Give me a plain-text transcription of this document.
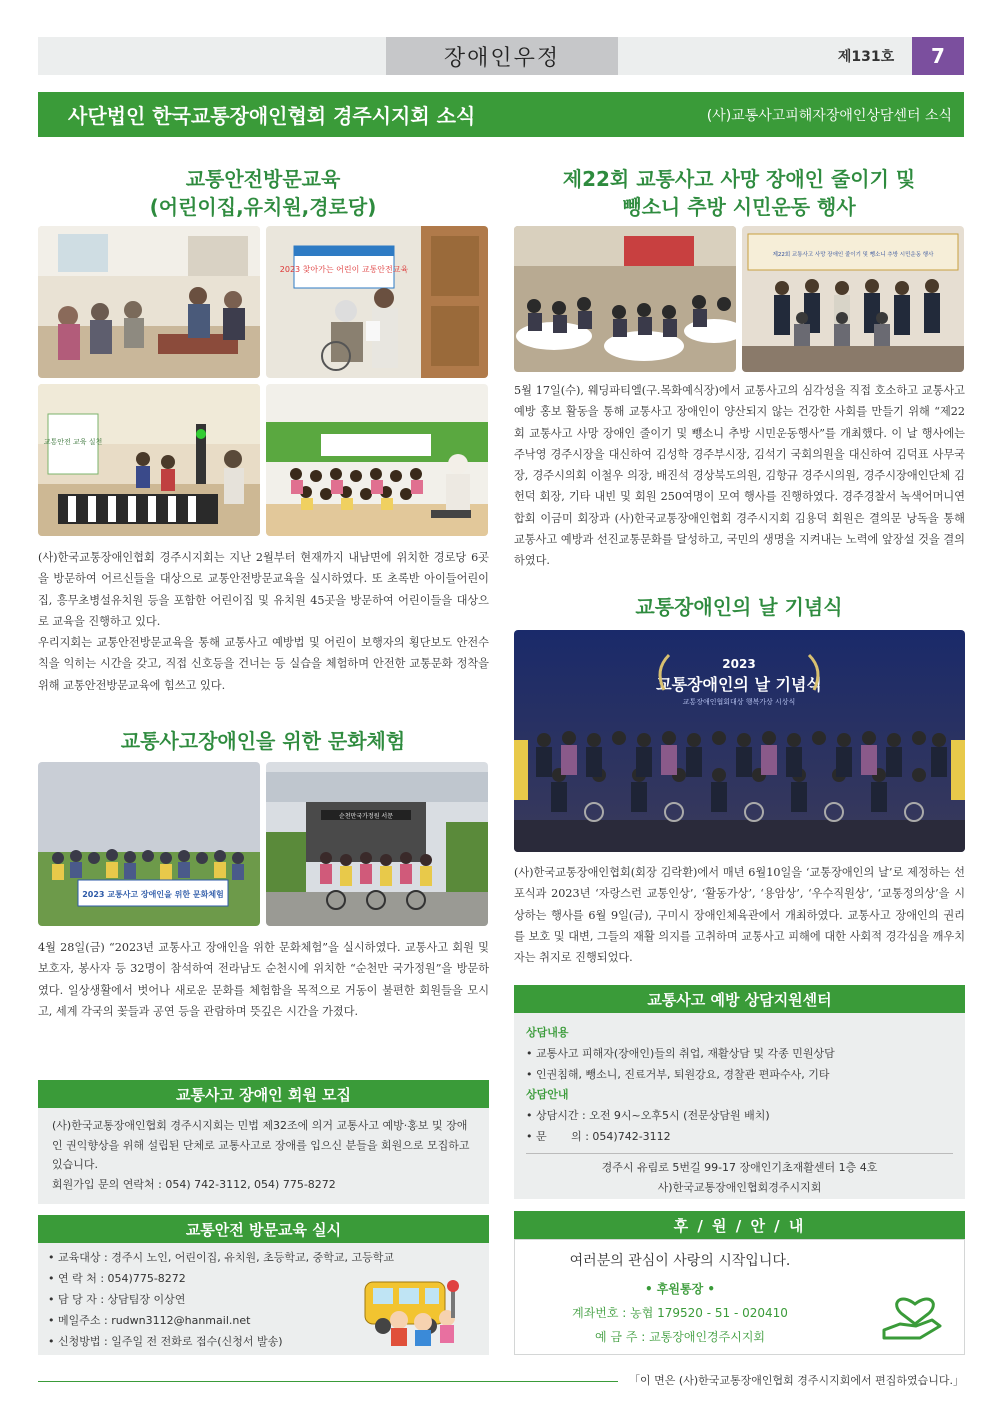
장애인우정	제131호	7
사단법인 한국교통장애인협회 경주시지회 소식	(사)교통사고피해자장애인상담센터 소식
교통안전방문교육
(어린이집,유치원,경로당)
2023 찾아가는 어린이 교통안전교육
교통안전 교육 실천

(사)한국교통장애인협회 경주시지회는 지난 2월부터 현재까지 내남면에 위치한 경로당 6곳을 방문하여 어르신들을 대상으로 교통안전방문교육을 실시하였다. 또 초록반 아이들어린이집, 흥무초병설유치원 등을 포함한 어린이집 및 유치원 45곳을 방문하여 어린이들을 대상으로 교육을 진행하고 있다.

우리지회는 교통안전방문교육을 통해 교통사고 예방법 및 어린이 보행자의 횡단보도 안전수칙을 익히는 시간을 갖고, 직접 신호등을 건너는 등 실습을 체험하며 안전한 교통문화 정착을 위해 교통안전방문교육에 힘쓰고 있다.

교통사고장애인을 위한 문화체험
2023 교통사고 장애인을 위한 문화체험
순천만국가정원 서문
4월 28일(금) “2023년 교통사고 장애인을 위한 문화체험”을 실시하였다. 교통사고 회원 및 보호자, 봉사자 등 32명이 참석하여 전라남도 순천시에 위치한 “순천만 국가정원”을 방문하였다. 일상생활에서 벗어나 새로운 문화를 체험함을 목적으로 거동이 불편한 회원들을 모시고, 세계 각국의 꽃들과 공연 등을 관람하며 뜻깊은 시간을 가졌다.
제22회 교통사고 사망 장애인 줄이기 및
뺑소니 추방 시민운동 행사
제22회 교통사고 사망 장애인 줄이기 및 뺑소니 추방 시민운동 행사
5월 17일(수), 웨딩파티엘(구.목화예식장)에서 교통사고의 심각성을 직접 호소하고 교통사고 예방 홍보 활동을 통해 교통사고 장애인이 양산되지 않는 건강한 사회를 만들기 위해 “제22회 교통사고 사망 장애인 줄이기 및 뺑소니 추방 시민운동행사”를 개최했다. 이 날 행사에는 주낙영 경주시장을 대신하여 김성학 경주부시장, 김석기 국회의원을 대신하여 김덕표 사무국장, 경주시의회 이철우 의장, 배진석 경상북도의원, 김항규 경주시의원, 경주시장애인단체 김헌덕 회장, 기타 내빈 및 회원 250여명이 모여 행사를 진행하였다. 경주경찰서 녹색어머니연합회 이금미 회장과 (사)한국교통장애인협회 경주시지회 김용덕 회원은 결의문 낭독을 통해 교통사고 예방과 선진교통문화를 달성하고, 국민의 생명을 지켜내는 노력에 앞장설 것을 결의하였다.
교통장애인의 날 기념식
2023
교통장애인의 날 기념식
교통장애인협회대상 행복가상 시상식
(사)한국교통장애인협회(회장 김락환)에서 매년 6월10일을 ‘교통장애인의 날’로 제정하는 선포식과 2023년 ‘자랑스런 교통인상’, ‘활동가상’, ‘용암상’, ‘우수직원상’, ‘교통정의상’을 시상하는 행사를 6월 9일(금), 구미시 장애인체육관에서 개최하였다. 교통사고 장애인의 권리를 보호 및 대변, 그들의 재활 의지를 고취하며 교통사고 피해에 대한 사회적 경각심을 깨우치자는 취지로 진행되었다.
교통사고 장애인 회원 모집

(사)한국교통장애인협회 경주시지회는 민법 제32조에 의거 교통사고 예방·홍보 및 장애인 권익향상을 위해 설립된 단체로 교통사고로 장애를 입으신 분들을 회원으로 모집하고 있습니다.

회원가입 문의 연락처 : 054) 742-3112, 054) 775-8272

교통안전 방문교육 실시

• 교육대상 : 경주시 노인, 어린이집, 유치원, 초등학교, 중학교, 고등학교

• 연 락 처 : 054)775-8272

• 담 당 자 : 상담팀장 이상연

• 메일주소 : rudwn3112@hanmail.net

• 신청방법 : 일주일 전 전화로 접수(신청서 발송)

교통사고 예방 상담지원센터

상담내용

• 교통사고 피해자(장애인)들의 취업, 재활상담 및 각종 민원상담

• 인권침해, 뺑소니, 진료거부, 퇴원강요, 경찰관 편파수사, 기타

상담안내

• 상담시간 : 오전 9시~오후5시 (전문상담원 배치)

• 문       의 : 054)742-3112

경주시 유림로 5번길 99-17 장애인기초재활센터 1층 4호

사)한국교통장애인협회경주시지회

후 / 원 / 안 / 내

여러분의 관심이 사랑의 시작입니다.

• 후원통장 •

계좌번호 : 농협 179520 - 51 - 020410

예 금 주 : 교통장애인경주시지회

「이 면은 (사)한국교통장애인협회 경주시지회에서 편집하였습니다.」
